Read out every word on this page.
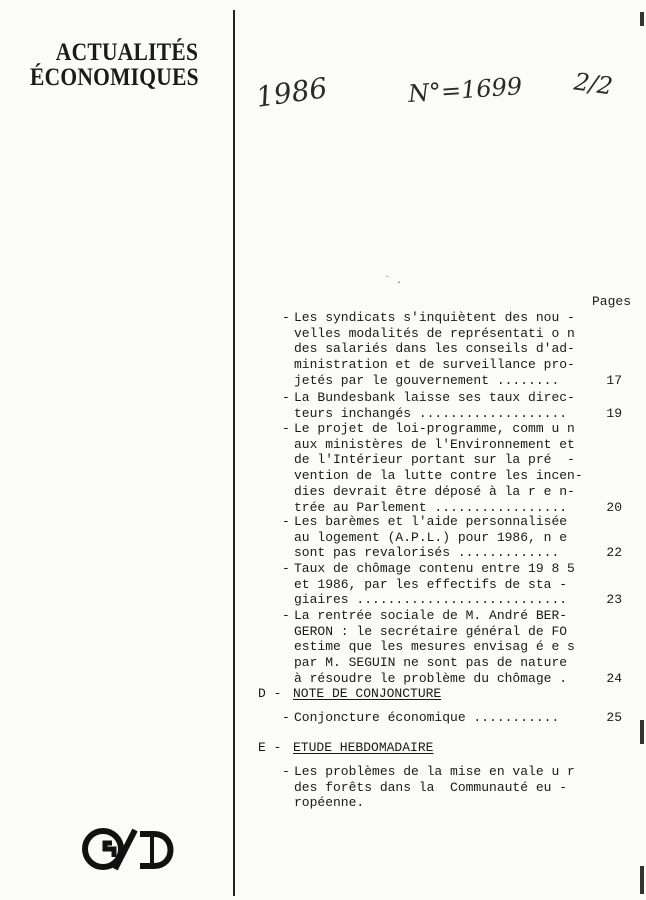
ACTUALITÉS
ÉCONOMIQUES 1986	N°=1699 2/2
` .
Pages
- Les syndicats s'inquiètent des nou -
velles modalités de représentati o n
des salariés dans les conseils d'ad-
ministration et de surveillance pro-
jetés par le gouvernement ........	17
- La Bundesbank laisse ses taux direc-
teurs inchangés ...................	19
- Le projet de loi-programme, comm u n
aux ministères de l'Environnement et
de l'Intérieur portant sur la pré  -
vention de la lutte contre les incen-
dies devrait être déposé à la r e n-
trée au Parlement .................	20
- Les barèmes et l'aide personnalisée
au logement (A.P.L.) pour 1986, n e
sont pas revalorisés .............	22
- Taux de chômage contenu entre 19 8 5
et 1986, par les effectifs de sta -
giaires ...........................	23
- La rentrée sociale de M. André BER-
GERON : le secrétaire général de FO
estime que les mesures envisag é e s
par M. SEGUIN ne sont pas de nature
à résoudre le problème du chômage .	24
- Conjoncture économique ...........	25
- Les problèmes de la mise en vale u r
des forêts dans la  Communauté eu -
ropéenne.
D - NOTE DE CONJONCTURE
E - ETUDE HEBDOMADAIRE
